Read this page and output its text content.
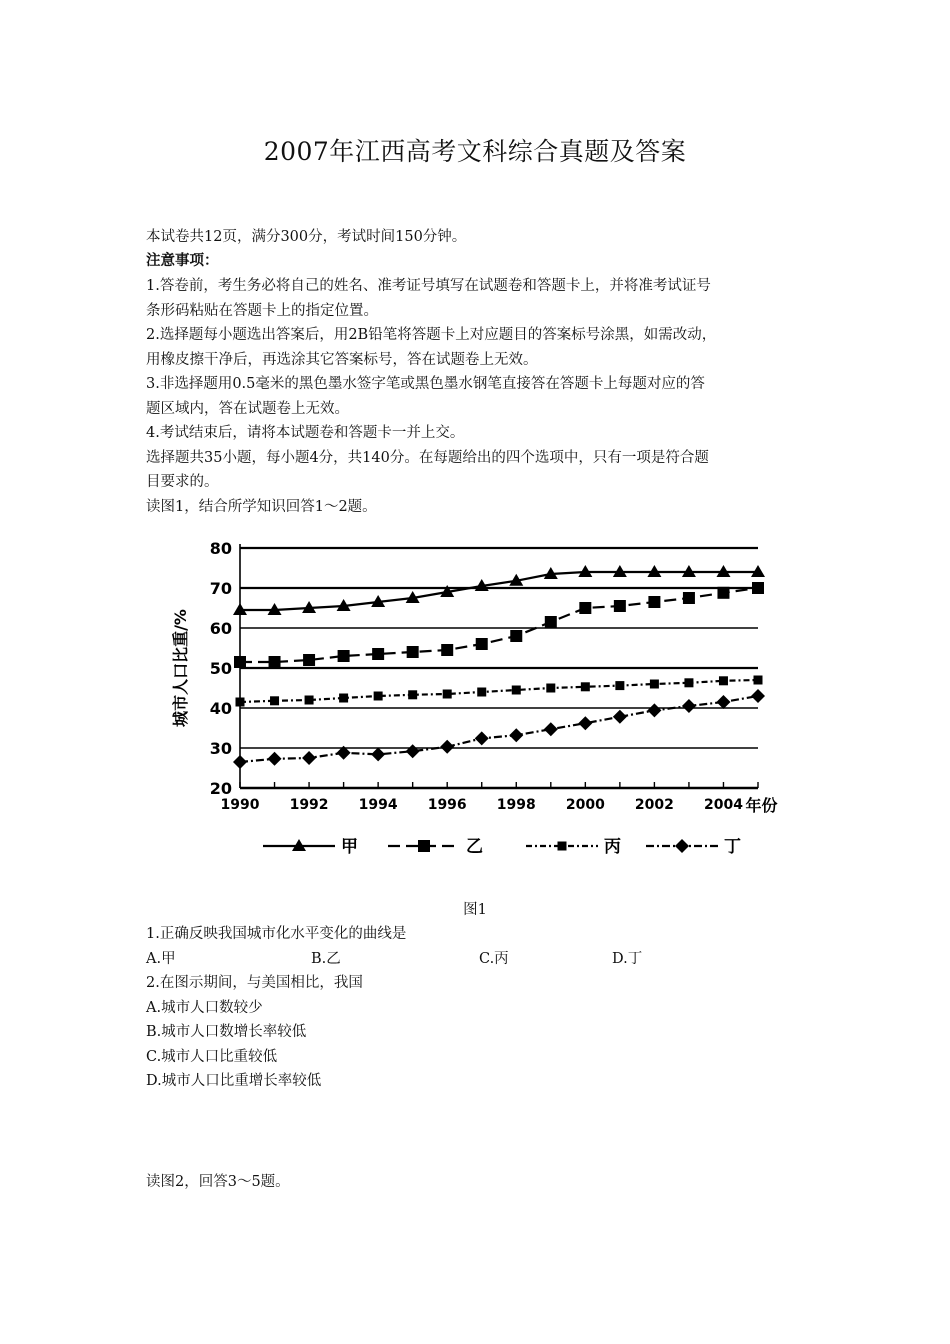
2007年江西高考文科综合真题及答案
本试卷共12页，满分300分，考试时间150分钟。
注意事项：
1.答卷前，考生务必将自己的姓名、准考证号填写在试题卷和答题卡上，并将准考试证号
条形码粘贴在答题卡上的指定位置。
2.选择题每小题选出答案后，用2B铅笔将答题卡上对应题目的答案标号涂黑，如需改动，
用橡皮擦干净后，再选涂其它答案标号，答在试题卷上无效。
3.非选择题用0.5毫米的黑色墨水签字笔或黑色墨水钢笔直接答在答题卡上每题对应的答
题区域内，答在试题卷上无效。
4.考试结束后，请将本试题卷和答题卡一并上交。
选择题共35小题，每小题4分，共140分。在每题给出的四个选项中，只有一项是符合题
目要求的。
读图1，结合所学知识回答1～2题。
20
30
40
50
60
70
80
1990 1992 1994 1996 1998 2000 2002 2004 年份
城市人口比重/%
甲	乙	丙	丁
图1
1.正确反映我国城市化水平变化的曲线是
A.甲	B.乙	C.丙	D.丁
2.在图示期间，与美国相比，我国
A.城市人口数较少
B.城市人口数增长率较低
C.城市人口比重较低
D.城市人口比重增长率较低
读图2，回答3～5题。
